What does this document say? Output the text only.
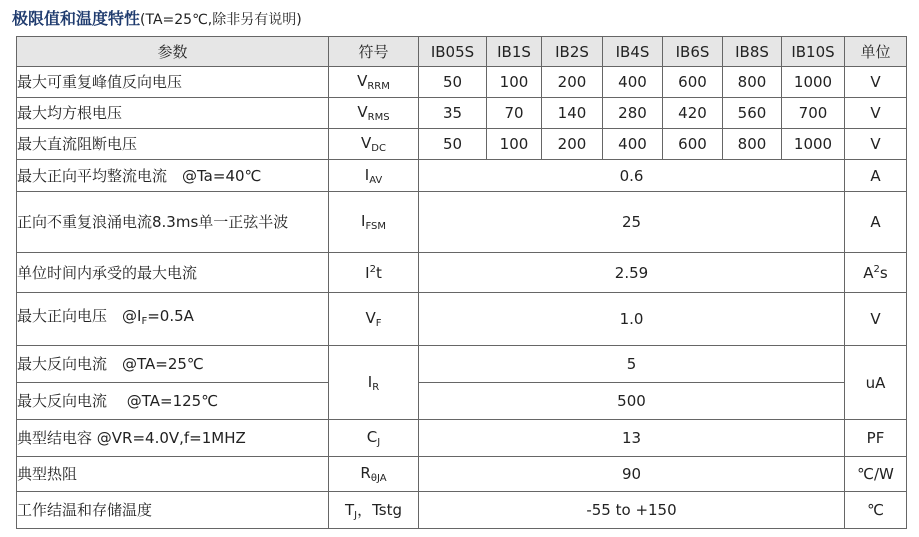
极限值和温度特性(TA=25℃,除非另有说明)
参数	符号	IB05S	IB1S	IB2S	IB4S	IB6S	IB8S	IB10S	单位
最大可重复峰值反向电压	$V_{RRM}$	50	100	200	400	600	800	1000	V
最大均方根电压	$V_{RMS}$	35	70	140	280	420	560	700	V
最大直流阻断电压	$V_{DC}$	50	100	200	400	600	800	1000	V
最大正向平均整流电流　@Ta=40℃	$I_{AV}$	0.6							A
正向不重复浪涌电流8.3ms单一正弦半波	$I_{FSM}$	25							A
单位时间内承受的最大电流	$I^2t$	2.59							$A^2s$
最大正向电压　$@I_F=0.5A$	$V_F$	1.0							V
最大反向电流　@TA=25℃	$I_R$	5							uA
最大反向电流　 @TA=125℃		500							
典型结电容 @VR=4.0V,f=1MHZ	$C_J$	13							PF
典型热阻	$R_{\theta JA}$	90							℃/W
工作结温和存储温度	$T_J$，Tstg	-55 to +150							℃
